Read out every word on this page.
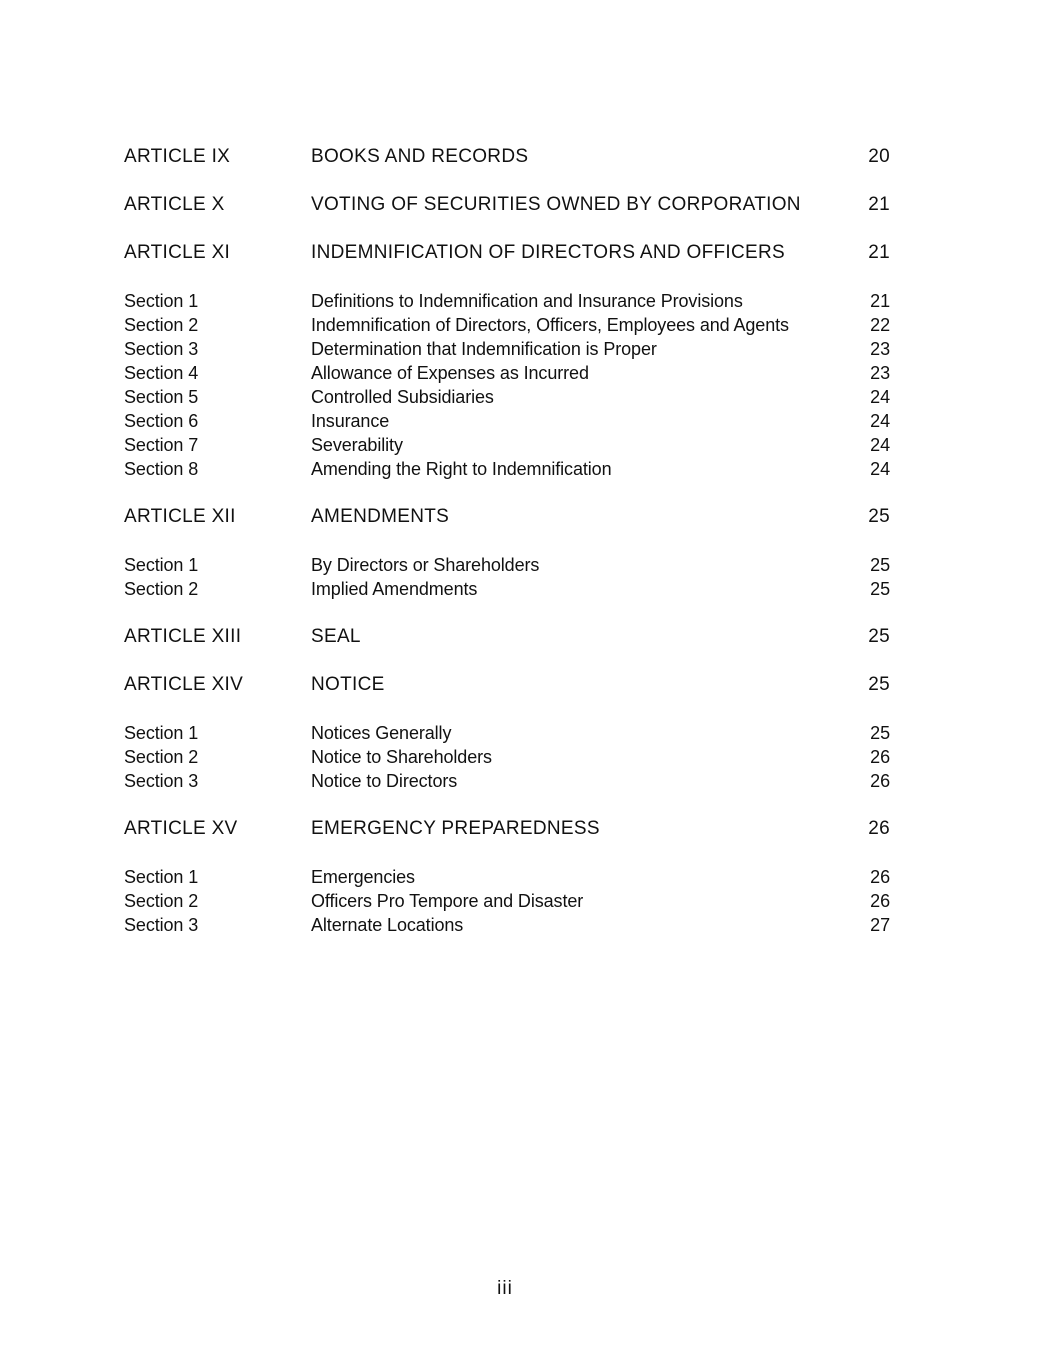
ARTICLE IX	BOOKS AND RECORDS	20
ARTICLE X	VOTING OF SECURITIES OWNED BY CORPORATION	21
ARTICLE XI	INDEMNIFICATION OF DIRECTORS AND OFFICERS	21
Section 1	Definitions to Indemnification and Insurance Provisions	21
Section 2	Indemnification of Directors, Officers, Employees and Agents	22
Section 3	Determination that Indemnification is Proper	23
Section 4	Allowance of Expenses as Incurred	23
Section 5	Controlled Subsidiaries	24
Section 6	Insurance	24
Section 7	Severability	24
Section 8	Amending the Right to Indemnification	24
ARTICLE XII	AMENDMENTS	25
Section 1	By Directors or Shareholders	25
Section 2	Implied Amendments	25
ARTICLE XIII	SEAL	25
ARTICLE XIV	NOTICE	25
Section 1	Notices Generally	25
Section 2	Notice to Shareholders	26
Section 3	Notice to Directors	26
ARTICLE XV	EMERGENCY PREPAREDNESS	26
Section 1	Emergencies	26
Section 2	Officers Pro Tempore and Disaster	26
Section 3	Alternate Locations	27
iii
